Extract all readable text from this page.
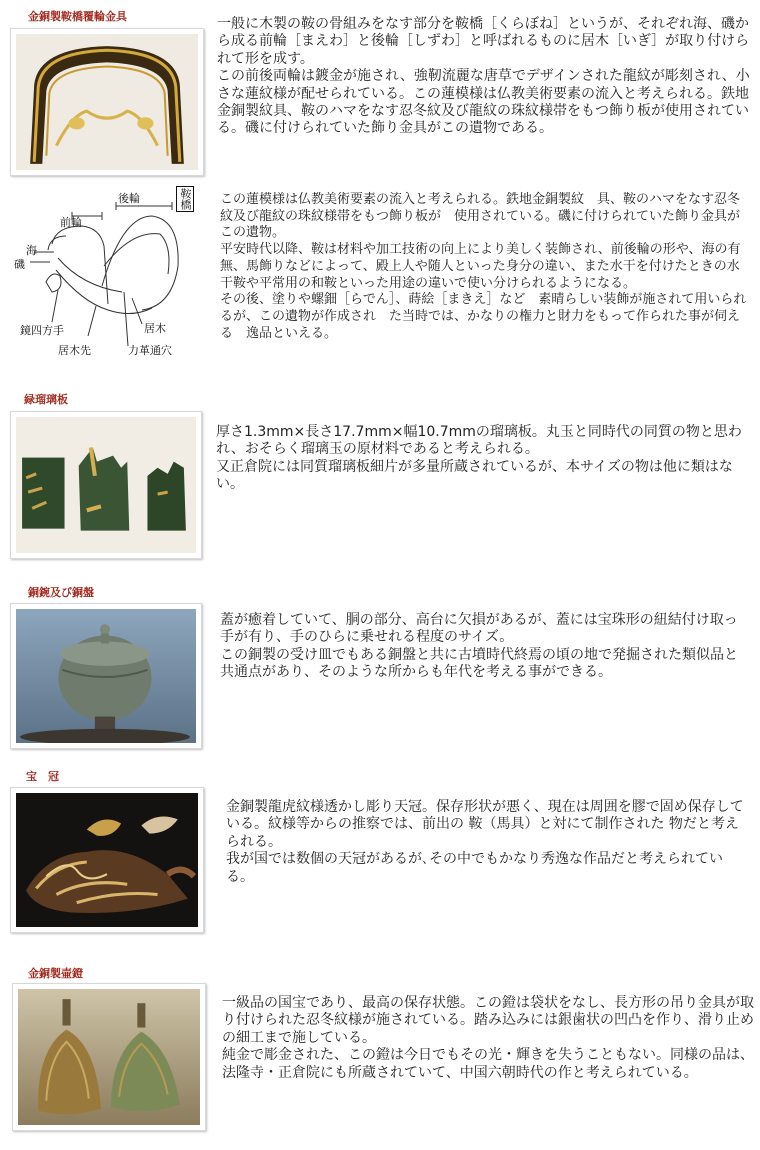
金銅製鞍橋覆輪金具	一般に木製の鞍の骨組みをなす部分を鞍橋［くらぼね］というが、それぞれ海、磯から成る前輪［まえわ］と後輪［しずわ］と呼ばれるものに居木［いぎ］が取り付けられて形を成す。

この前後両輪は鍍金が施され、強靭流麗な唐草でデザインされた龍紋が彫刻され、小さな蓮紋様が配せられている。この蓮模様は仏教美術要素の流入と考えられる。鉄地金銅製紋具、鞍のハマをなす忍冬紋及び龍紋の珠紋様帯をもつ飾り板が使用されている。磯に付けられていた飾り金具がこの遺物である。

鞍橋
後輪
前輪
海
磯
鏡四方手	居木
居木先	力革通穴

この蓮模様は仏教美術要素の流入と考えられる。鉄地金銅製紋　具、鞍のハマをなす忍冬紋及び龍紋の珠紋様帯をもつ飾り板が　使用されている。磯に付けられていた飾り金具がこの遺物。

平安時代以降、鞍は材料や加工技術の向上により美しく装飾され、前後輪の形や、海の有無、馬飾りなどによって、殿上人や随人といった身分の違い、また水干を付けたときの水干鞍や平常用の和鞍といった用途の違いで使い分けられるようになる。

その後、塗りや螺鈿［らでん］、蒔絵［まきえ］など　素晴らしい装飾が施されて用いられるが、この遺物が作成され　た当時では、かなりの権力と財力をもって作られた事が伺える　逸品といえる。

緑瑠璃板

厚さ1.3mm×長さ17.7mm×幅10.7mmの瑠璃板。丸玉と同時代の同質の物と思われ、おそらく瑠璃玉の原材料であると考えられる。

又正倉院には同質瑠璃板細片が多量所蔵されているが、本サイズの物は他に類はない。

銅鋺及び銅盤

蓋が癒着していて、胴の部分、高台に欠損があるが、蓋には宝珠形の紐結付け取っ手が有り、手のひらに乗せれる程度のサイズ。

この銅製の受け皿でもある銅盤と共に古墳時代終焉の頃の地で発掘された類似品と共通点があり、そのような所からも年代を考える事ができる。

宝　冠

金銅製龍虎紋様透かし彫り天冠。保存形状が悪く、現在は周囲を膠で固め保存している。紋様等からの推察では、前出の 鞍（馬具）と対にて制作された 物だと考えられる。

我が国では数個の天冠があるが､その中でもかなり秀逸な作品だと考えられている。

金銅製壷鐙

一級品の国宝であり、最高の保存状態。この鐙は袋状をなし、長方形の吊り金具が取り付けられた忍冬紋様が施されている。踏み込みには銀歯状の凹凸を作り、滑り止めの細工まで施している。

純金で彫金された、この鐙は今日でもその光・輝きを失うこともない。同様の品は、法隆寺・正倉院にも所蔵されていて、中国六朝時代の作と考えられている。
